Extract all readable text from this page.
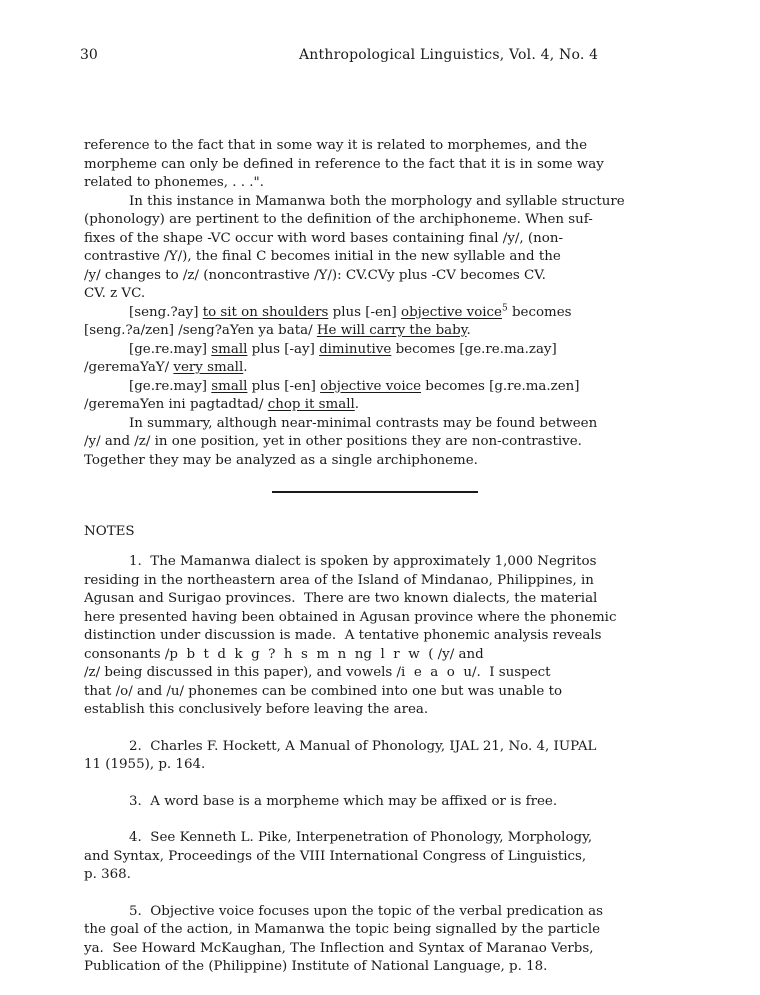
30	Anthropological Linguistics, Vol. 4, No. 4
reference to the fact that in some way it is related to morphemes, and the
morpheme can only be defined in reference to the fact that it is in some way
related to phonemes, . . .".
In this instance in Mamanwa both the morphology and syllable structure
(phonology) are pertinent to the definition of the archiphoneme. When suf-
fixes of the shape -VC occur with word bases containing final /y/, (non-
contrastive /Y/), the final C becomes initial in the new syllable and the
/y/ changes to /z/ (noncontrastive /Y/): CV.CVy plus -CV becomes CV.
CV. z VC.
[seng.?ay] to sit on shoulders plus [-en] objective voice$^5$ becomes
[seng.?a/zen] /seng?aYen ya bata/ He will carry the baby.
[ge.re.may] small plus [-ay] diminutive becomes [ge.re.ma.zay]
/geremaYaY/ very small.
[ge.re.may] small plus [-en] objective voice becomes [g.re.ma.zen]
/geremaYen ini pagtadtad/ chop it small.
In summary, although near-minimal contrasts may be found between
/y/ and /z/ in one position, yet in other positions they are non-contrastive.
Together they may be analyzed as a single archiphoneme.
NOTES
1. The Mamanwa dialect is spoken by approximately 1,000 Negritos
residing in the northeastern area of the Island of Mindanao, Philippines, in
Agusan and Surigao provinces.  There are two known dialects, the material
here presented having been obtained in Agusan province where the phonemic
distinction under discussion is made.  A tentative phonemic analysis reveals
consonants /p  b  t  d  k  g  ?  h  s  m  n  ng  l  r  w  ( /y/ and
/z/ being discussed in this paper), and vowels /i  e  a  o  u/.  I suspect
that /o/ and /u/ phonemes can be combined into one but was unable to
establish this conclusively before leaving the area.
2. Charles F. Hockett, A Manual of Phonology, IJAL 21, No. 4, IUPAL
11 (1955), p. 164.
3. A word base is a morpheme which may be affixed or is free.
4. See Kenneth L. Pike, Interpenetration of Phonology, Morphology,
and Syntax, Proceedings of the VIII International Congress of Linguistics,
p. 368.
5. Objective voice focuses upon the topic of the verbal predication as
the goal of the action, in Mamanwa the topic being signalled by the particle
ya.  See Howard McKaughan, The Inflection and Syntax of Maranao Verbs,
Publication of the (Philippine) Institute of National Language, p. 18.
